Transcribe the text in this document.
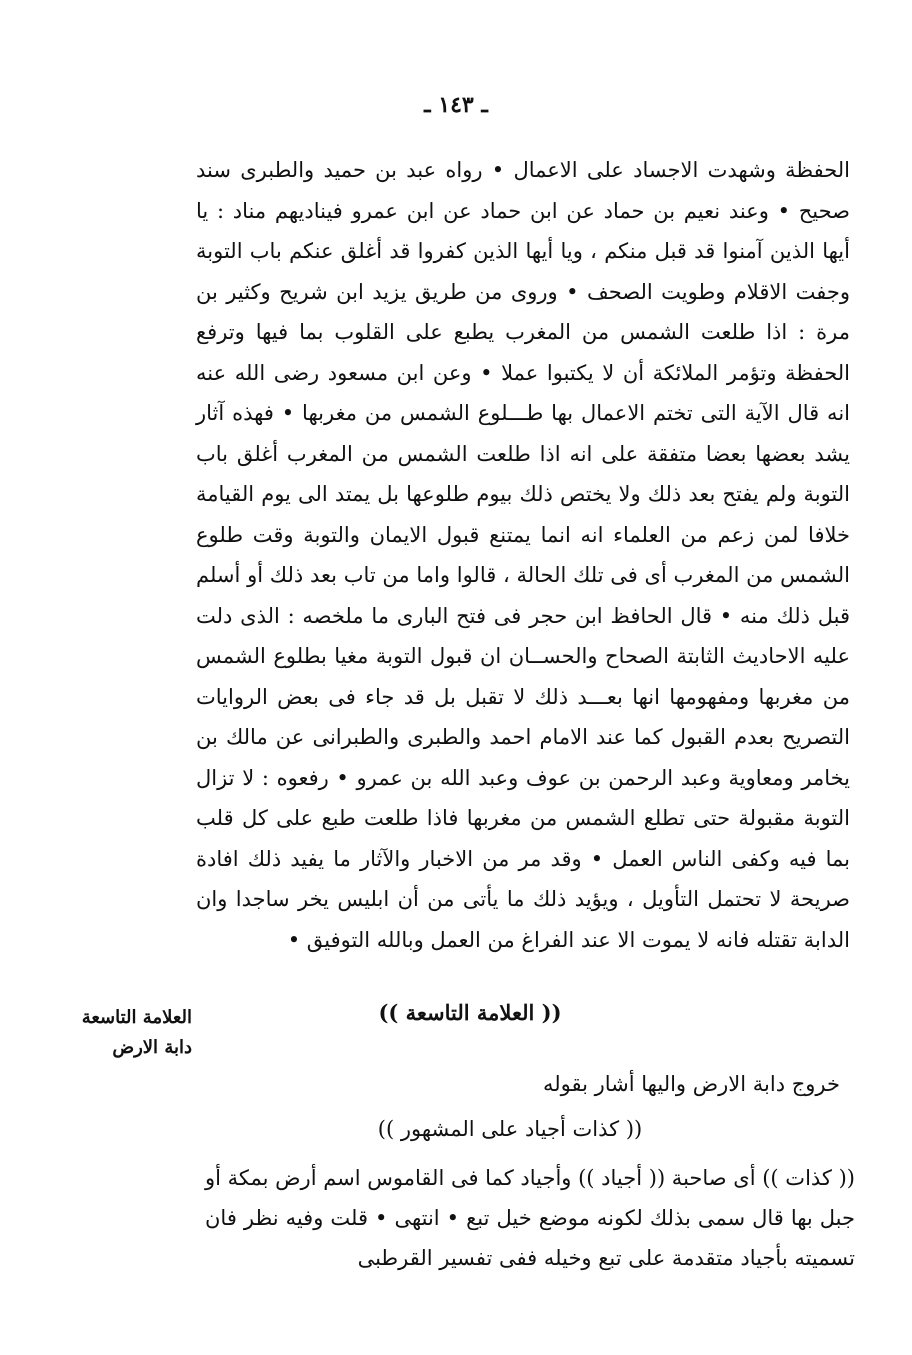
ـ ١٤٣ ـ

الحفظة وشهدت الاجساد على الاعمال • رواه عبد بن حميد والطبرى سند صحيح • وعند نعيم بن حماد عن ابن حماد عن ابن عمرو فيناديهم مناد : يا أيها الذين آمنوا قد قبل منكم ، ويا أيها الذين كفروا قد أغلق عنكم باب التوبة وجفت الاقلام وطويت الصحف • وروى من طريق يزيد ابن شريح وكثير بن مرة : اذا طلعت الشمس من المغرب يطبع على القلوب بما فيها وترفع الحفظة وتؤمر الملائكة أن لا يكتبوا عملا • وعن ابن مسعود رضى الله عنه انه قال الآية التى تختم الاعمال بها طـــلوع الشمس من مغربها • فهذه آثار يشد بعضها بعضا متفقة على انه اذا طلعت الشمس من المغرب أغلق باب التوبة ولم يفتح بعد ذلك ولا يختص ذلك بيوم طلوعها بل يمتد الى يوم القيامة خلافا لمن زعم من العلماء انه انما يمتنع قبول الايمان والتوبة وقت طلوع الشمس من المغرب أى فى تلك الحالة ، قالوا واما من تاب بعد ذلك أو أسلم قبل ذلك منه • قال الحافظ ابن حجر فى فتح البارى ما ملخصه : الذى دلت عليه الاحاديث الثابتة الصحاح والحســان ان قبول التوبة مغيا بطلوع الشمس من مغربها ومفهومها انها بعـــد ذلك لا تقبل بل قد جاء فى بعض الروايات التصريح بعدم القبول كما عند الامام احمد والطبرى والطبرانى عن مالك بن يخامر ومعاوية وعبد الرحمن بن عوف وعبد الله بن عمرو • رفعوه : لا تزال التوبة مقبولة حتى تطلع الشمس من مغربها فاذا طلعت طبع على كل قلب بما فيه وكفى الناس العمل • وقد مر من الاخبار والآثار ما يفيد ذلك افادة صريحة لا تحتمل التأويل ، ويؤيد ذلك ما يأتى من أن ابليس يخر ساجدا وان الدابة تقتله فانه لا يموت الا عند الفراغ من العمل وبالله التوفيق •

العلامة التاسعة
دابة الارض
(( العلامة التاسعة ))
خروج دابة الارض واليها أشار بقوله
(( كذات أجياد على المشهور ))
(( كذات )) أى صاحبة (( أجياد )) وأجياد كما فى القاموس اسم أرض بمكة أو جبل بها قال سمى بذلك لكونه موضع خيل تبع • انتهى • قلت وفيه نظر فان تسميته بأجياد متقدمة على تبع وخيله ففى تفسير القرطبى
